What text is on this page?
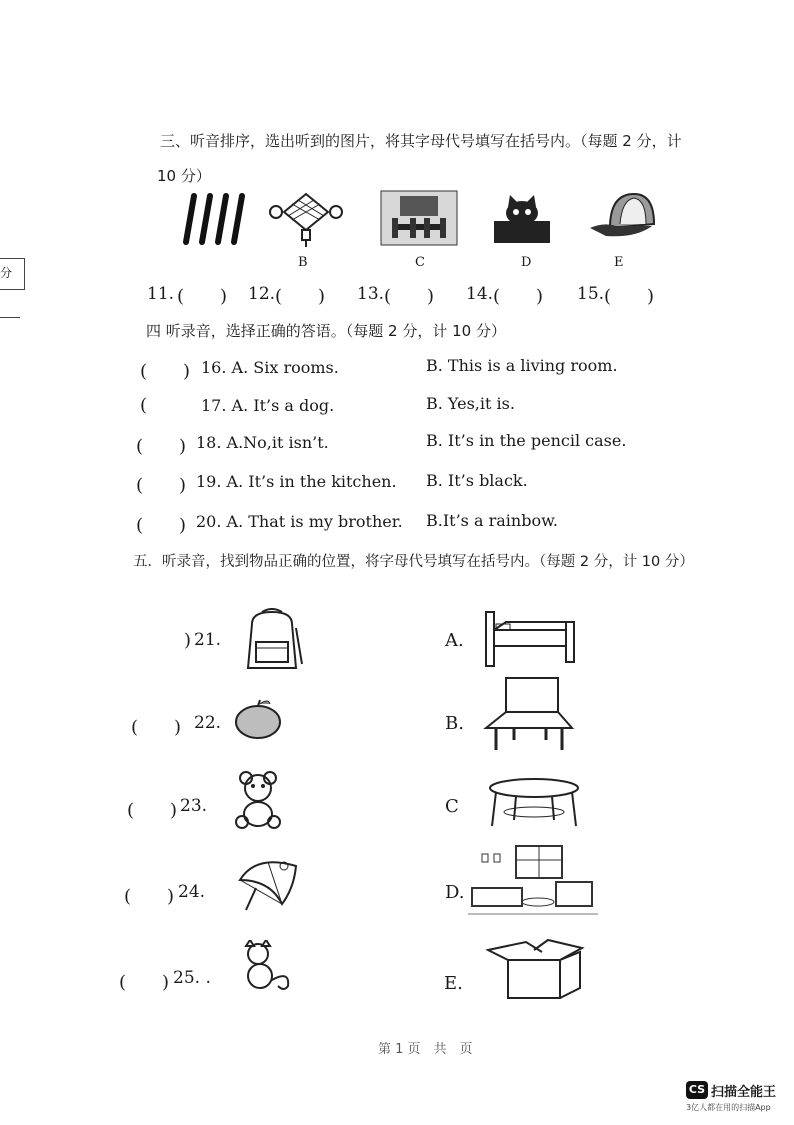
分
三、听音排序，选出听到的图片，将其字母代号填写在括号内。（每题 2 分，计
10 分）
B	C	D	E
11. (　　) 12. (　　) 13. (　　) 14. (　　) 15. (　　)
四 听录音，选择正确的答语。（每题 2 分，计 10 分）
(　　) 16. A. Six rooms.	B. This is a living room.
(	17. A. It’s a dog.	B. Yes,it is.
(　　) 18. A.No,it isn’t.	B. It’s in the pencil case.
(　　) 19. A. It’s in the kitchen. B. It’s black.
(　　) 20. A. That is my brother. B.It’s a rainbow.
五．听录音，找到物品正确的位置，将字母代号填写在括号内。（每题 2 分，计 10 分）
) 21.
(　　) 22.
(　　) 23.
(　　) 24.
(　　) 25. .
A.
B.
C
D.
E.
第 1 页　共　页
CS 扫描全能王
3亿人都在用的扫描App
